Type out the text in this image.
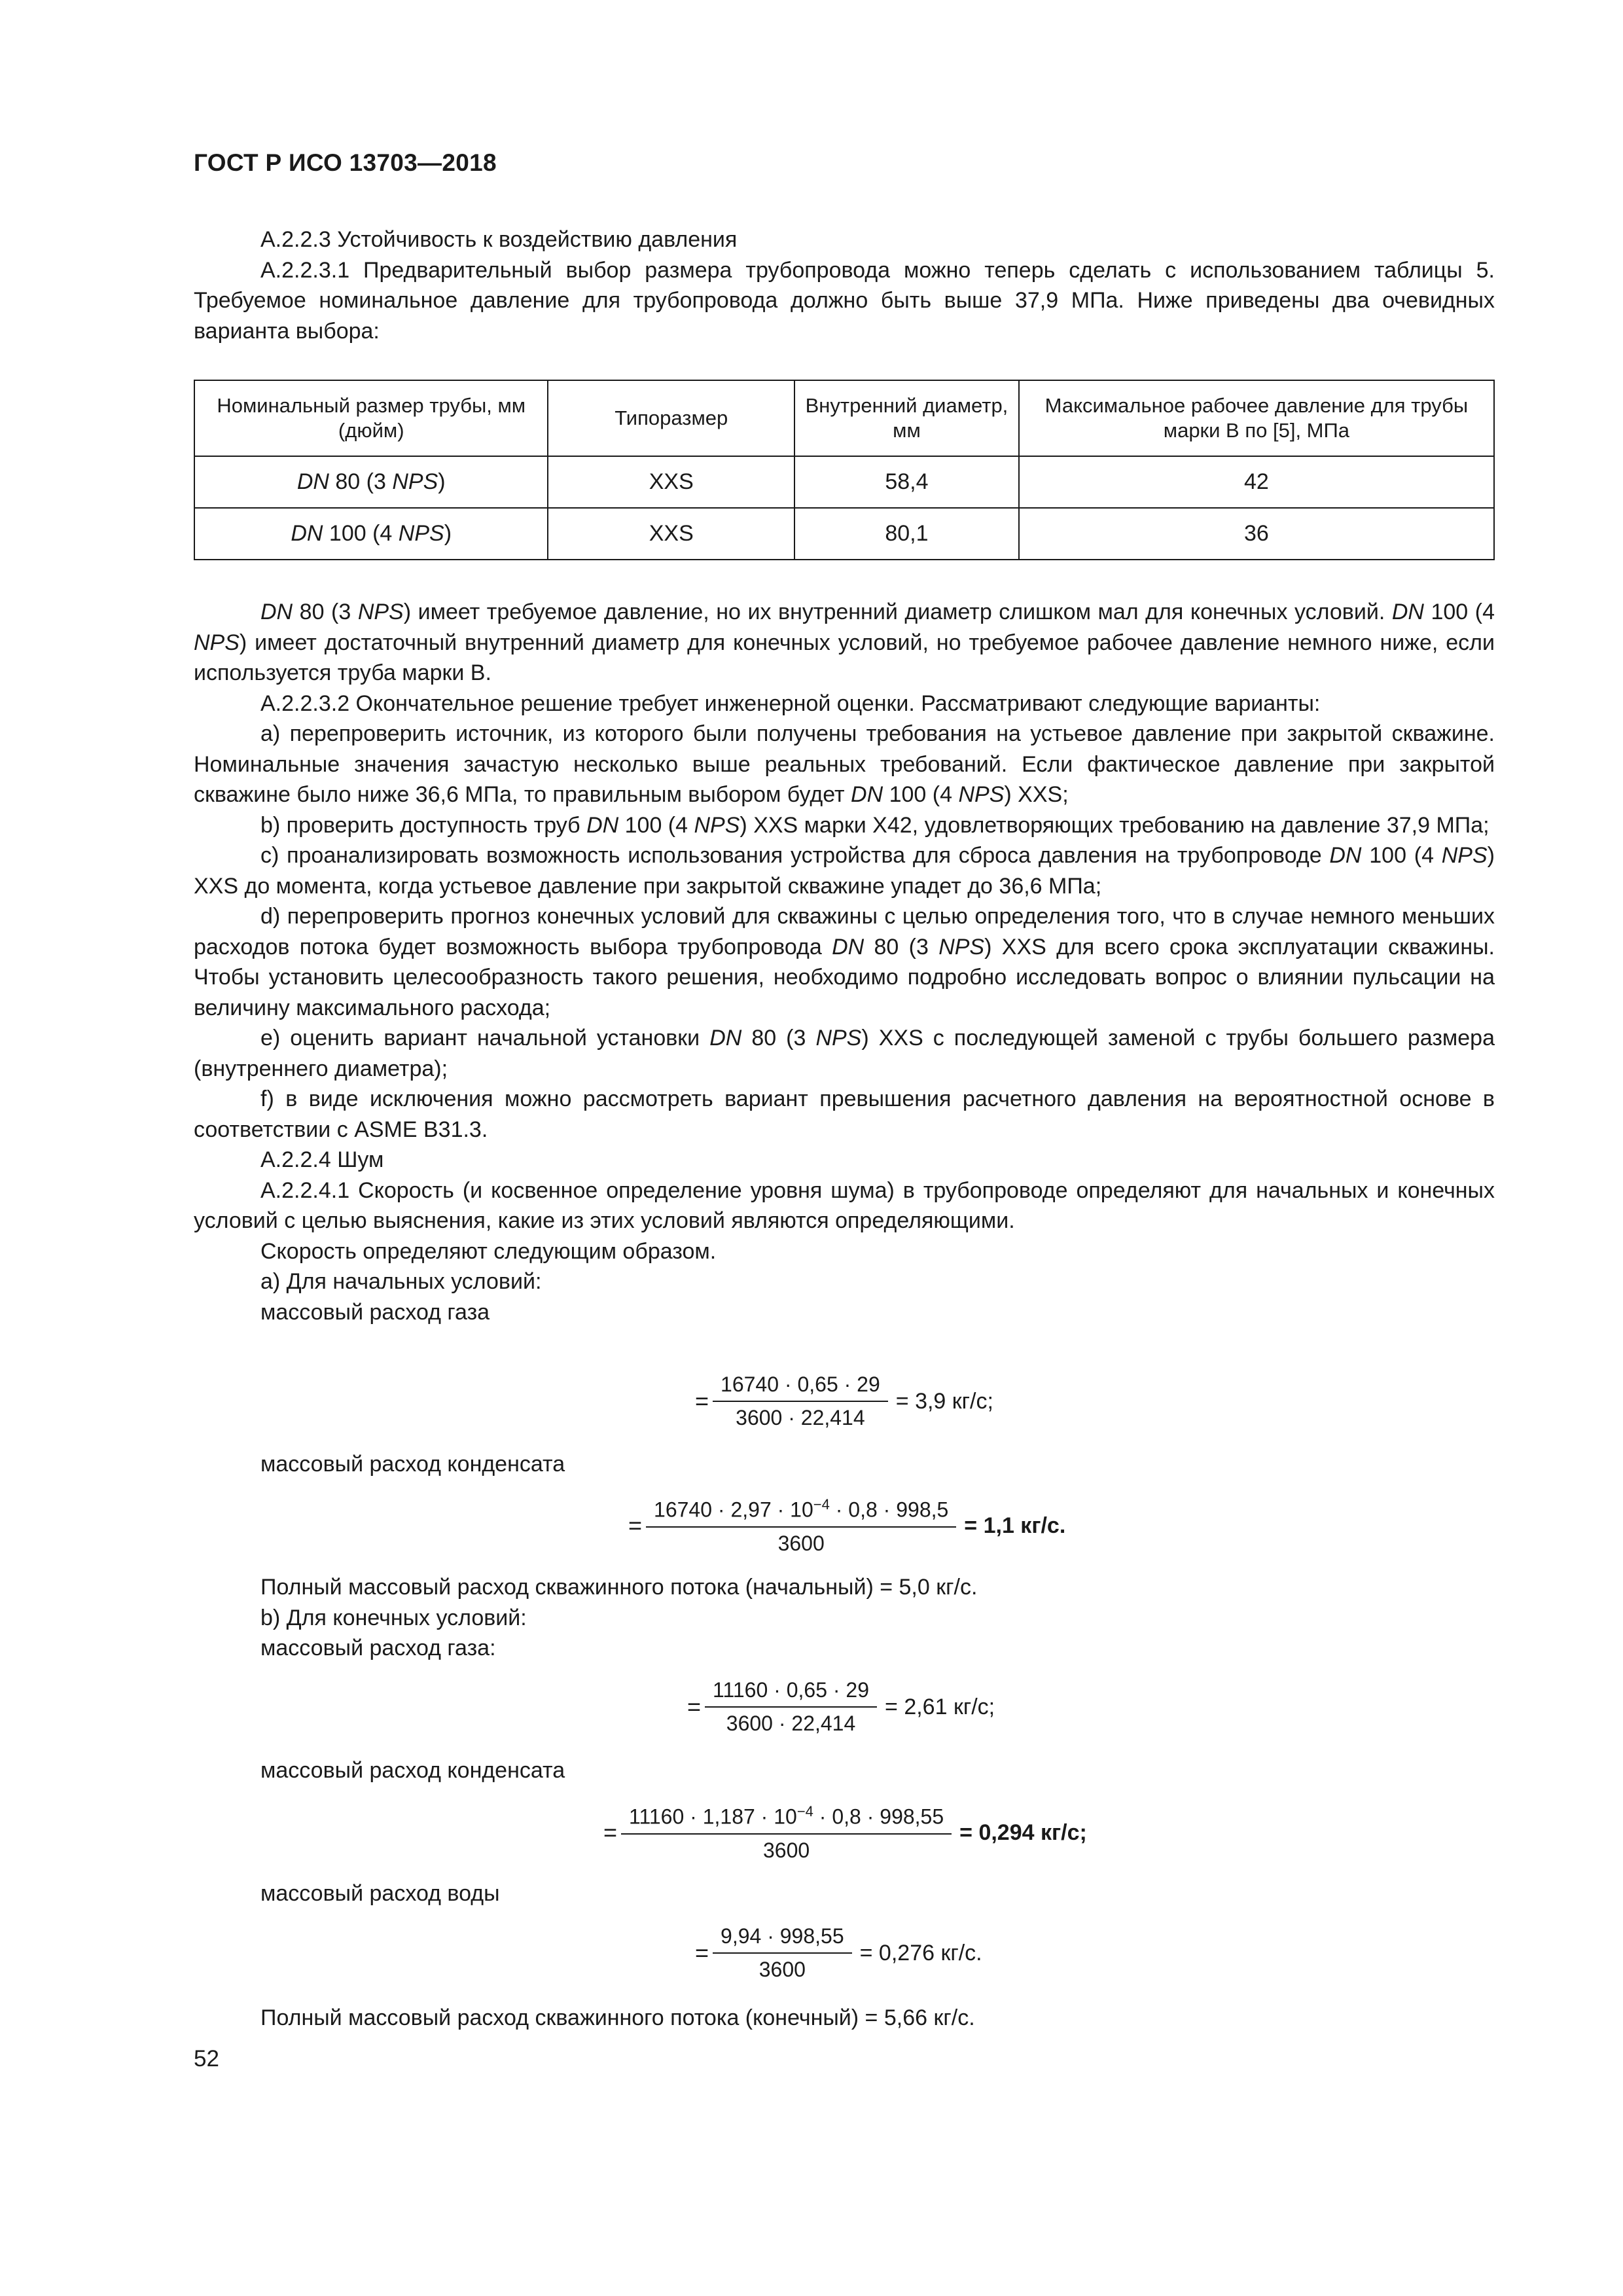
ГОСТ Р ИСО 13703—2018

А.2.2.3 Устойчивость к воздействию давления

А.2.2.3.1 Предварительный выбор размера трубопровода можно теперь сделать с использованием таблицы 5. Требуемое номинальное давление для трубопровода должно быть выше 37,9 МПа. Ниже приведены два очевидных варианта выбора:

Номинальный размер трубы, мм (дюйм)	Типоразмер	Внутренний диаметр, мм	Максимальное рабочее давление для трубы марки В по [5], МПа
DN 80 (3 NPS)	XXS	58,4	42
DN 100 (4 NPS)	XXS	80,1	36

DN 80 (3 NPS) имеет требуемое давление, но их внутренний диаметр слишком мал для конечных условий. DN 100 (4 NPS) имеет достаточный внутренний диаметр для конечных условий, но требуемое рабочее давление немного ниже, если используется труба марки В.

А.2.2.3.2 Окончательное решение требует инженерной оценки. Рассматривают следующие варианты:

а) перепроверить источник, из которого были получены требования на устьевое давление при закрытой скважине. Номинальные значения зачастую несколько выше реальных требований. Если фактическое давление при закрытой скважине было ниже 36,6 МПа, то правильным выбором будет DN 100 (4 NPS) XXS;

b) проверить доступность труб DN 100 (4 NPS) XXS марки Х42, удовлетворяющих требованию на давление 37,9 МПа;

с) проанализировать возможность использования устройства для сброса давления на трубопроводе DN 100 (4 NPS) XXS до момента, когда устьевое давление при закрытой скважине упадет до 36,6 МПа;

d) перепроверить прогноз конечных условий для скважины с целью определения того, что в случае немного меньших расходов потока будет возможность выбора трубопровода DN 80 (3 NPS) XXS для всего срока эксплуатации скважины. Чтобы установить целесообразность такого решения, необходимо подробно исследовать вопрос о влиянии пульсации на величину максимального расхода;

е) оценить вариант начальной установки DN 80 (3 NPS) XXS с последующей заменой с трубы большего размера (внутреннего диаметра);

f) в виде исключения можно рассмотреть вариант превышения расчетного давления на вероятностной основе в соответствии с ASME В31.3.

А.2.2.4 Шум

А.2.2.4.1 Скорость (и косвенное определение уровня шума) в трубопроводе определяют для начальных и конечных условий с целью выяснения, какие из этих условий являются определяющими.

Скорость определяют следующим образом.

а) Для начальных условий:

массовый расход газа

= $\frac{16740 \cdot 0,65 \cdot 29}{3600 \cdot 22,414} = 3,9$ кг/с;

массовый расход конденсата

= $\frac{16740 \cdot 2,97 \cdot 10^{-4} \cdot 0,8 \cdot 998,5}{3600} = 1,1$ кг/с.

Полный массовый расход скважинного потока (начальный) = 5,0 кг/с.

b) Для конечных условий:

массовый расход газа:

= $\frac{11160 \cdot 0,65 \cdot 29}{3600 \cdot 22,414} = 2,61$ кг/с;

массовый расход конденсата

= $\frac{11160 \cdot 1,187 \cdot 10^{-4} \cdot 0,8 \cdot 998,55}{3600} = 0,294$ кг/с;

массовый расход воды

= $\frac{9,94 \cdot 998,55}{3600} = 0,276$ кг/с.

Полный массовый расход скважинного потока (конечный) = 5,66 кг/с.

52
